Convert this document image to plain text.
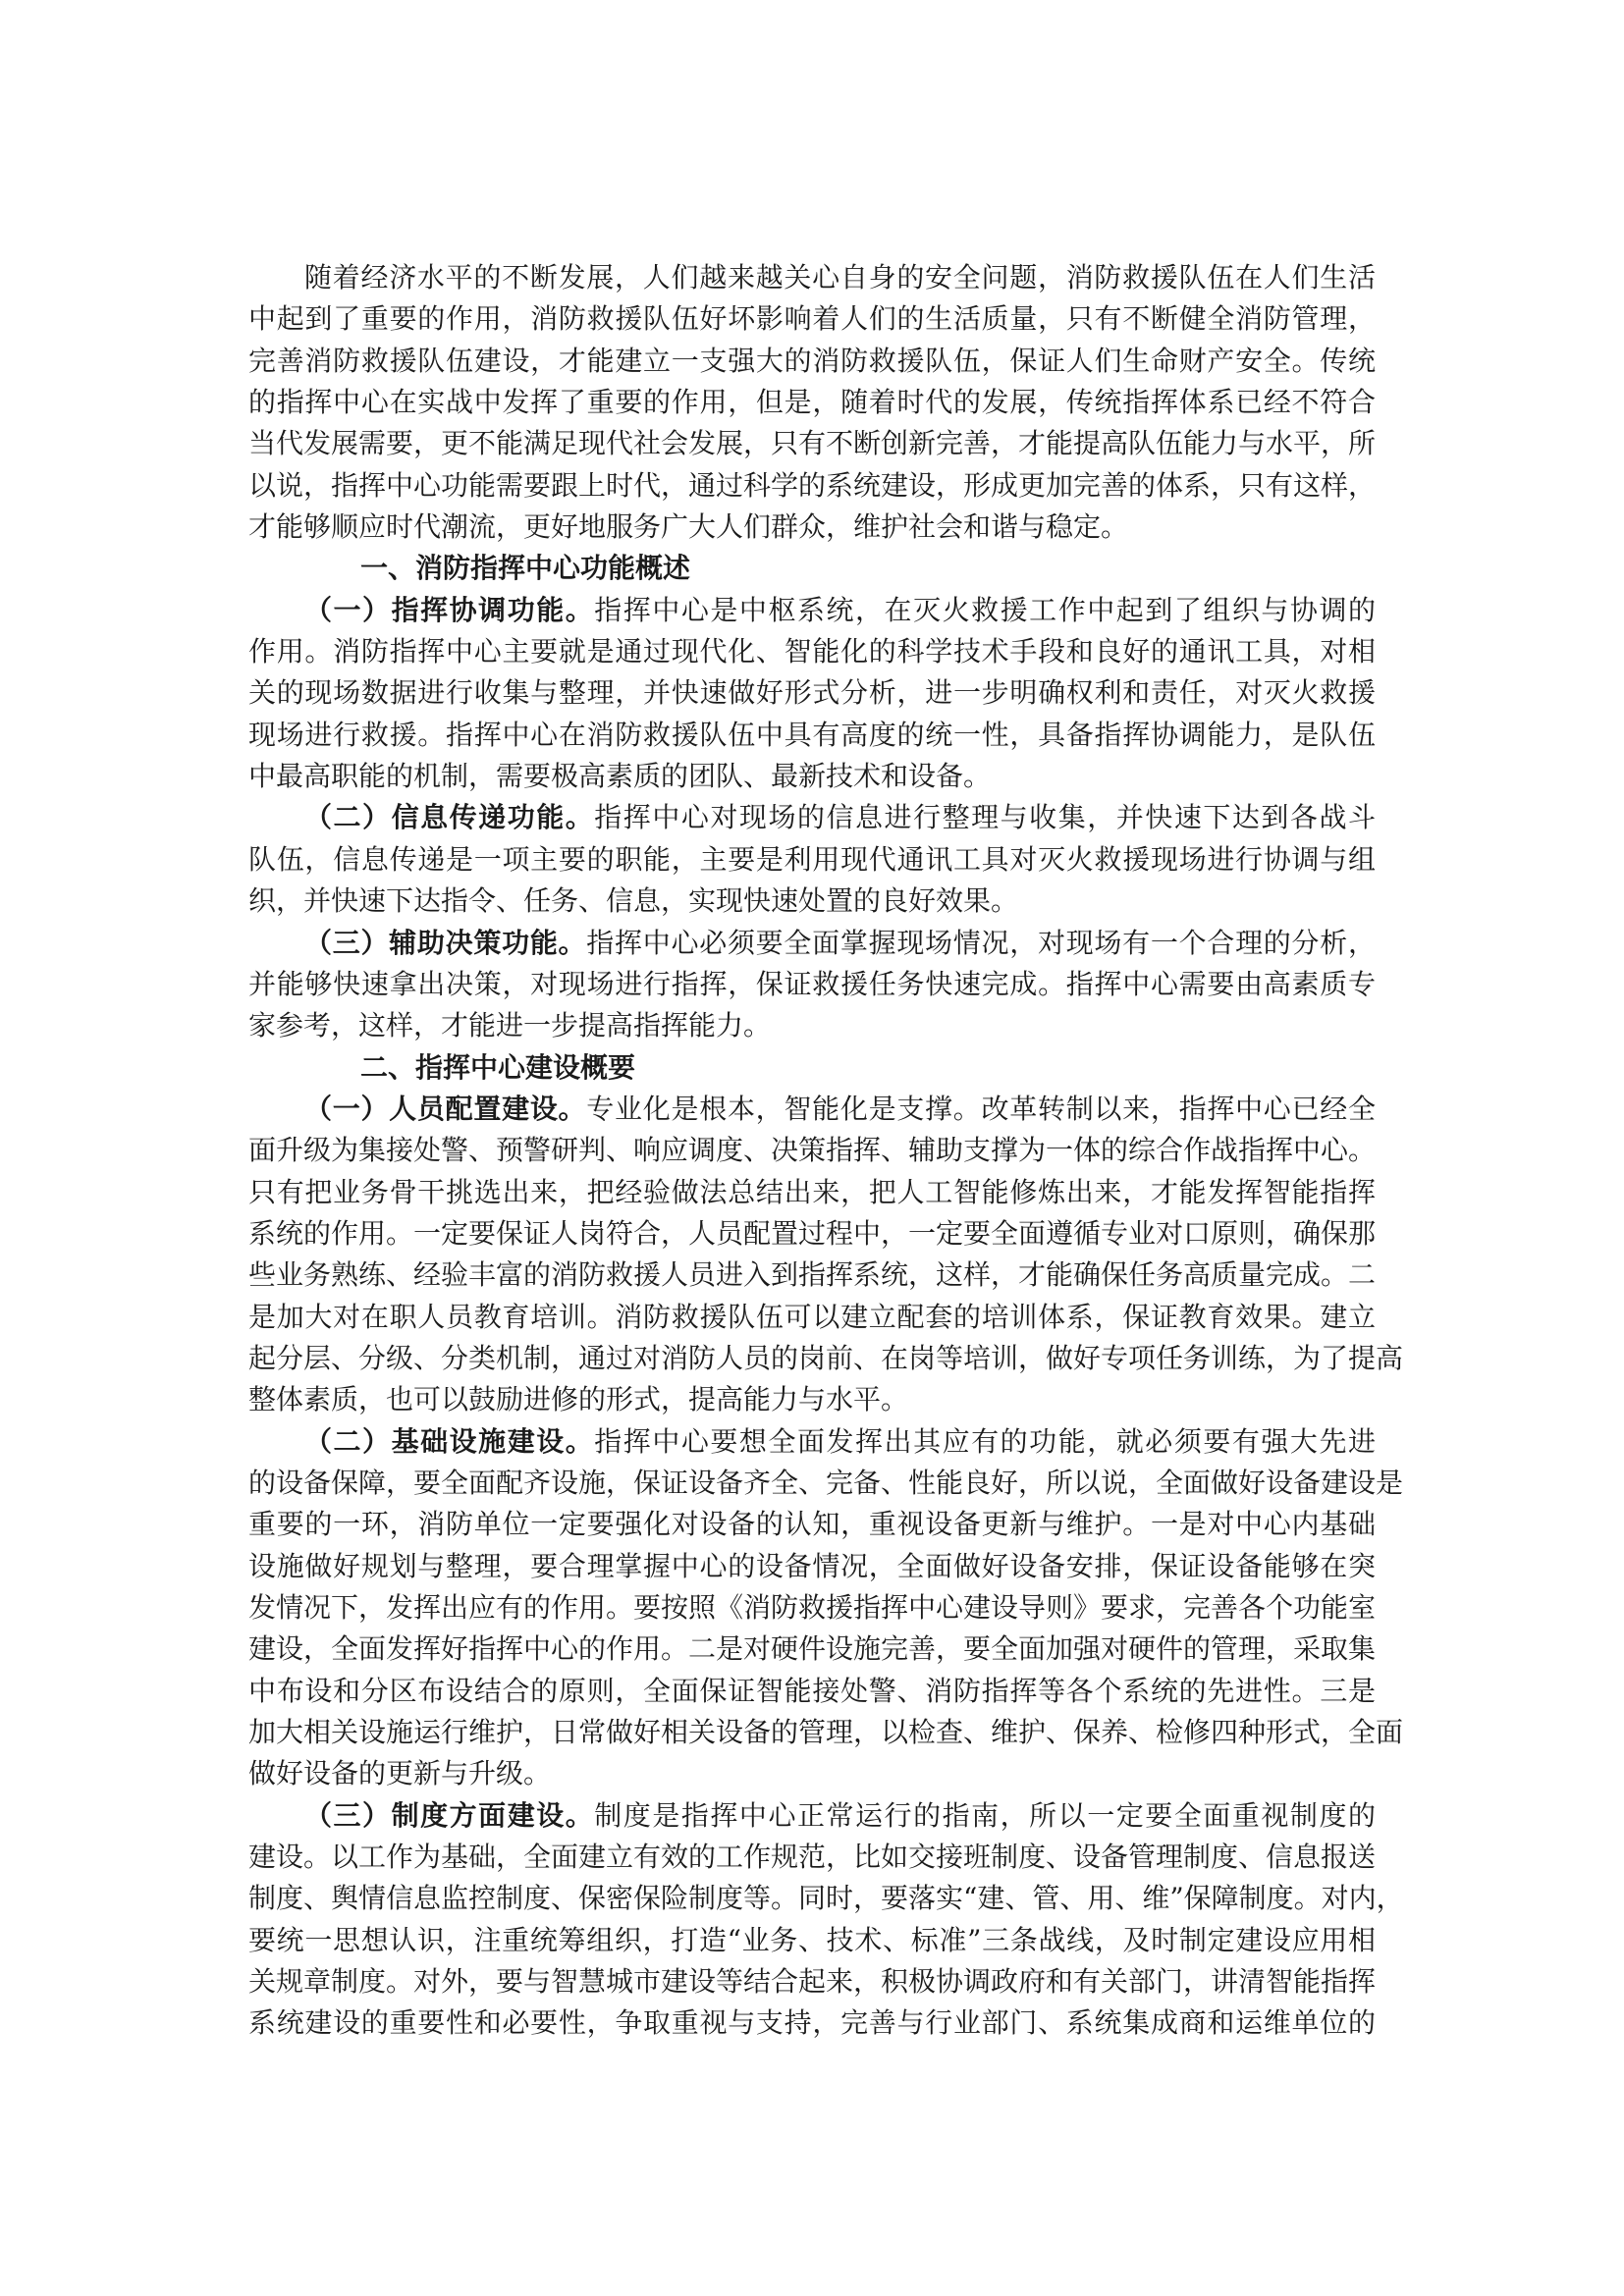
随着经济水平的不断发展，人们越来越关心自身的安全问题，消防救援队伍在人们生活
中起到了重要的作用，消防救援队伍好坏影响着人们的生活质量，只有不断健全消防管理，
完善消防救援队伍建设，才能建立一支强大的消防救援队伍，保证人们生命财产安全。传统
的指挥中心在实战中发挥了重要的作用，但是，随着时代的发展，传统指挥体系已经不符合
当代发展需要，更不能满足现代社会发展，只有不断创新完善，才能提高队伍能力与水平，所
以说，指挥中心功能需要跟上时代，通过科学的系统建设，形成更加完善的体系，只有这样，
才能够顺应时代潮流，更好地服务广大人们群众，维护社会和谐与稳定。
一、消防指挥中心功能概述
（一）指挥协调功能。指挥中心是中枢系统，在灭火救援工作中起到了组织与协调的
作用。消防指挥中心主要就是通过现代化、智能化的科学技术手段和良好的通讯工具，对相
关的现场数据进行收集与整理，并快速做好形式分析，进一步明确权利和责任，对灭火救援
现场进行救援。指挥中心在消防救援队伍中具有高度的统一性，具备指挥协调能力，是队伍
中最高职能的机制，需要极高素质的团队、最新技术和设备。
（二）信息传递功能。指挥中心对现场的信息进行整理与收集，并快速下达到各战斗
队伍，信息传递是一项主要的职能，主要是利用现代通讯工具对灭火救援现场进行协调与组
织，并快速下达指令、任务、信息，实现快速处置的良好效果。
（三）辅助决策功能。指挥中心必须要全面掌握现场情况，对现场有一个合理的分析，
并能够快速拿出决策，对现场进行指挥，保证救援任务快速完成。指挥中心需要由高素质专
家参考，这样，才能进一步提高指挥能力。
二、指挥中心建设概要
（一）人员配置建设。专业化是根本，智能化是支撑。改革转制以来，指挥中心已经全
面升级为集接处警、预警研判、响应调度、决策指挥、辅助支撑为一体的综合作战指挥中心。
只有把业务骨干挑选出来，把经验做法总结出来，把人工智能修炼出来，才能发挥智能指挥
系统的作用。一定要保证人岗符合，人员配置过程中，一定要全面遵循专业对口原则，确保那
些业务熟练、经验丰富的消防救援人员进入到指挥系统，这样，才能确保任务高质量完成。二
是加大对在职人员教育培训。消防救援队伍可以建立配套的培训体系，保证教育效果。建立
起分层、分级、分类机制，通过对消防人员的岗前、在岗等培训，做好专项任务训练，为了提高
整体素质，也可以鼓励进修的形式，提高能力与水平。
（二）基础设施建设。指挥中心要想全面发挥出其应有的功能，就必须要有强大先进
的设备保障，要全面配齐设施，保证设备齐全、完备、性能良好，所以说，全面做好设备建设是
重要的一环，消防单位一定要强化对设备的认知，重视设备更新与维护。一是对中心内基础
设施做好规划与整理，要合理掌握中心的设备情况，全面做好设备安排，保证设备能够在突
发情况下，发挥出应有的作用。要按照《消防救援指挥中心建设导则》要求，完善各个功能室
建设，全面发挥好指挥中心的作用。二是对硬件设施完善，要全面加强对硬件的管理，采取集
中布设和分区布设结合的原则，全面保证智能接处警、消防指挥等各个系统的先进性。三是
加大相关设施运行维护，日常做好相关设备的管理，以检查、维护、保养、检修四种形式，全面
做好设备的更新与升级。
（三）制度方面建设。制度是指挥中心正常运行的指南，所以一定要全面重视制度的
建设。以工作为基础，全面建立有效的工作规范，比如交接班制度、设备管理制度、信息报送
制度、舆情信息监控制度、保密保险制度等。同时，要落实“建、管、用、维”保障制度。对内，
要统一思想认识，注重统筹组织，打造“业务、技术、标准”三条战线，及时制定建设应用相
关规章制度。对外，要与智慧城市建设等结合起来，积极协调政府和有关部门，讲清智能指挥
系统建设的重要性和必要性，争取重视与支持，完善与行业部门、系统集成商和运维单位的
